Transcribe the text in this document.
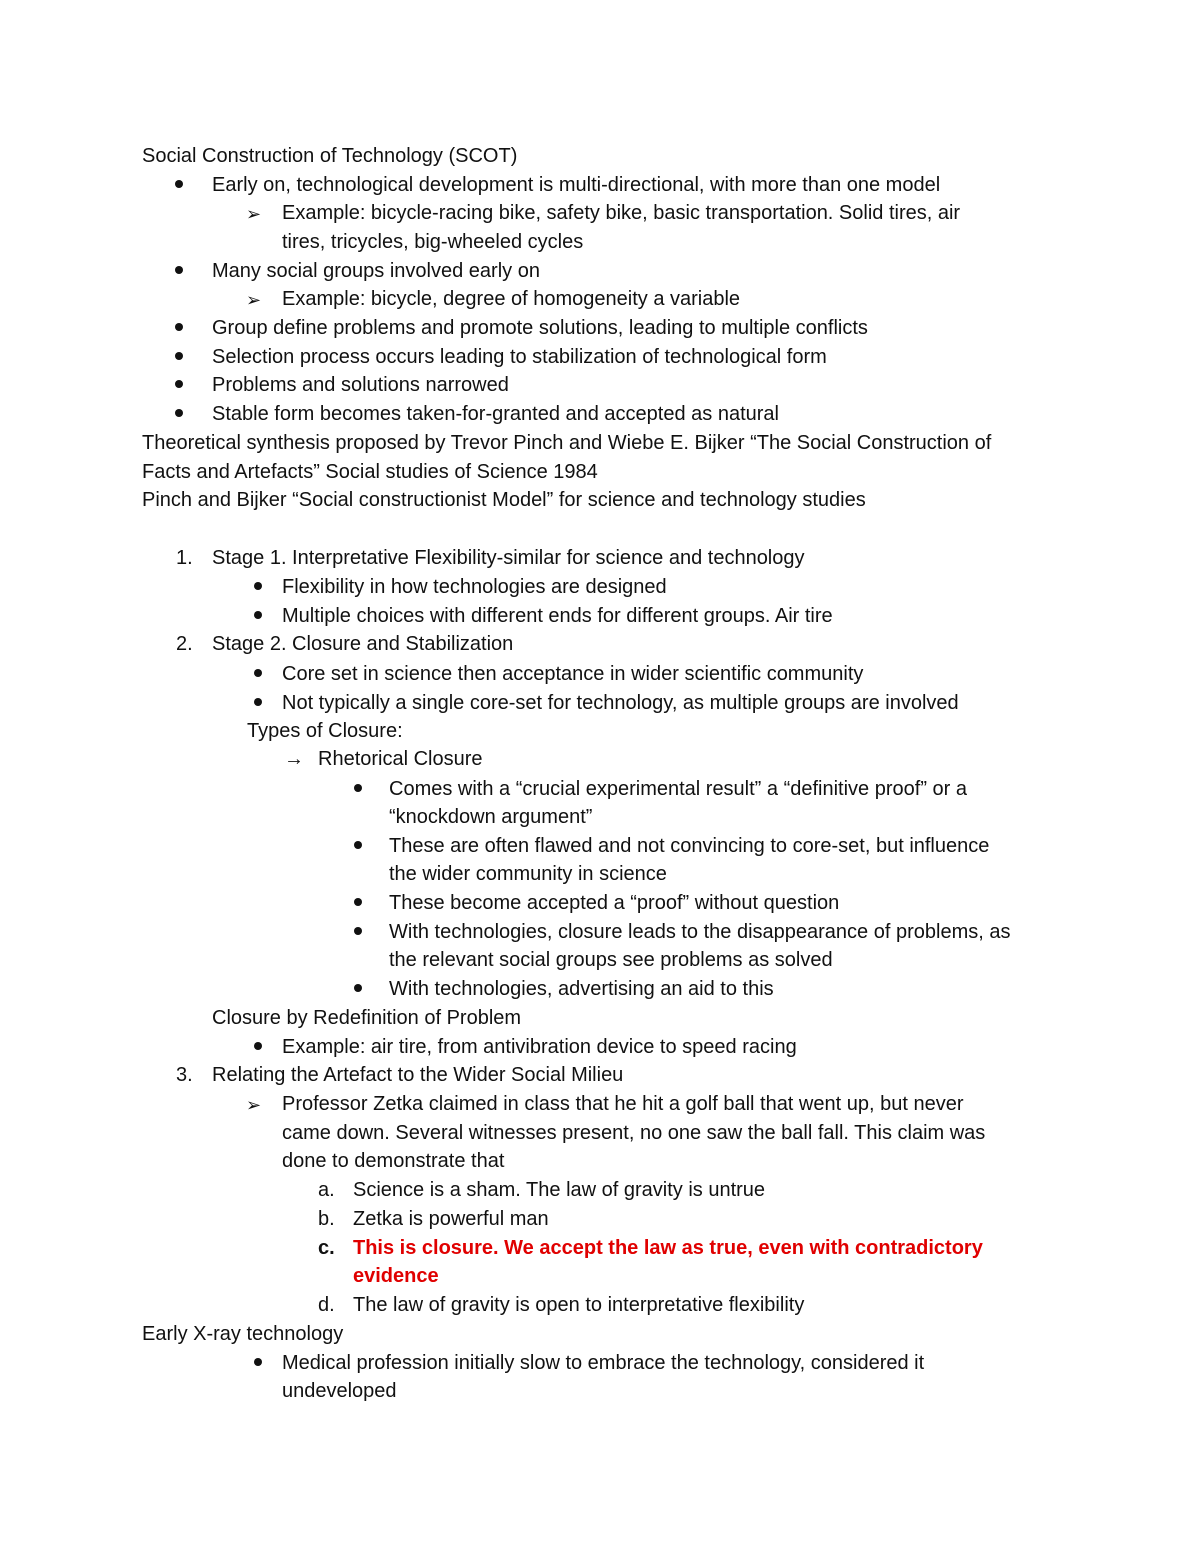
Social Construction of Technology (SCOT)
Early on, technological development is multi-directional, with more than one model
➢ Example: bicycle-racing bike, safety bike, basic transportation. Solid tires, air
tires, tricycles, big-wheeled cycles
Many social groups involved early on
➢ Example: bicycle, degree of homogeneity a variable
Group define problems and promote solutions, leading to multiple conflicts
Selection process occurs leading to stabilization of technological form
Problems and solutions narrowed
Stable form becomes taken-for-granted and accepted as natural
Theoretical synthesis proposed by Trevor Pinch and Wiebe E. Bijker “The Social Construction of
Facts and Artefacts” Social studies of Science 1984
Pinch and Bijker “Social constructionist Model” for science and technology studies
1. Stage 1. Interpretative Flexibility-similar for science and technology
Flexibility in how technologies are designed
Multiple choices with different ends for different groups. Air tire
2. Stage 2. Closure and Stabilization
Core set in science then acceptance in wider scientific community
Not typically a single core-set for technology, as multiple groups are involved
Types of Closure:
→ Rhetorical Closure
Comes with a “crucial experimental result” a “definitive proof” or a
“knockdown argument”
These are often flawed and not convincing to core-set, but influence
the wider community in science
These become accepted a “proof” without question
With technologies, closure leads to the disappearance of problems, as
the relevant social groups see problems as solved
With technologies, advertising an aid to this
Closure by Redefinition of Problem
Example: air tire, from antivibration device to speed racing
3. Relating the Artefact to the Wider Social Milieu
➢ Professor Zetka claimed in class that he hit a golf ball that went up, but never
came down. Several witnesses present, no one saw the ball fall. This claim was
done to demonstrate that
a. Science is a sham. The law of gravity is untrue
b. Zetka is powerful man
c. This is closure. We accept the law as true, even with contradictory
evidence
d. The law of gravity is open to interpretative flexibility
Early X-ray technology
Medical profession initially slow to embrace the technology, considered it
undeveloped
